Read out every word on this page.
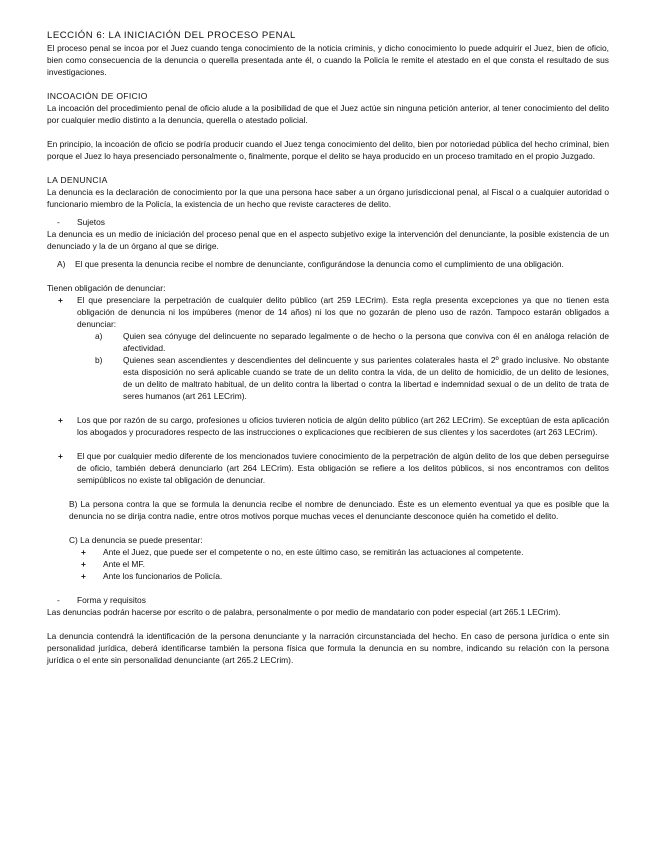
LECCIÓN 6: LA INICIACIÓN DEL PROCESO PENAL

El proceso penal se incoa por el Juez cuando tenga conocimiento de la noticia criminis, y dicho conocimiento lo puede adquirir el Juez, bien de oficio, bien como consecuencia de la denuncia o querella presentada ante él, o cuando la Policía le remite el atestado en el que consta el resultado de sus investigaciones.

INCOACIÓN DE OFICIO

La incoación del procedimiento penal de oficio alude a la posibilidad de que el Juez actúe sin ninguna petición anterior, al tener conocimiento del delito por cualquier medio distinto a la denuncia, querella o atestado policial.

En principio, la incoación de oficio se podría producir cuando el Juez tenga conocimiento del delito, bien por notoriedad pública del hecho criminal, bien porque el Juez lo haya presenciado personalmente o, finalmente, porque el delito se haya producido en un proceso tramitado en el propio Juzgado.

LA DENUNCIA

La denuncia es la declaración de conocimiento por la que una persona hace saber a un órgano jurisdiccional penal, al Fiscal o a cualquier autoridad o funcionario miembro de la Policía, la existencia de un hecho que reviste caracteres de delito.

- Sujetos

La denuncia es un medio de iniciación del proceso penal que en el aspecto subjetivo exige la intervención del denunciante, la posible existencia de un denunciado y la de un órgano al que se dirige.

A) El que presenta la denuncia recibe el nombre de denunciante, configurándose la denuncia como el cumplimiento de una obligación.

Tienen obligación de denunciar:

+ El que presenciare la perpetración de cualquier delito público (art 259 LECrim). Esta regla presenta excepciones ya que no tienen esta obligación de denuncia ni los impúberes (menor de 14 años) ni los que no gozarán de pleno uso de razón. Tampoco estarán obligados a denunciar:

a) Quien sea cónyuge del delincuente no separado legalmente o de hecho o la persona que conviva con él en análoga relación de afectividad.

b) Quienes sean ascendientes y descendientes del delincuente y sus parientes colaterales hasta el 2º grado inclusive. No obstante esta disposición no será aplicable cuando se trate de un delito contra la vida, de un delito de homicidio, de un delito de lesiones, de un delito de maltrato habitual, de un delito contra la libertad o contra la libertad e indemnidad sexual o de un delito de trata de seres humanos (art 261 LECrim).

+ Los que por razón de su cargo, profesiones u oficios tuvieren noticia de algún delito público (art 262 LECrim). Se exceptúan de esta aplicación los abogados y procuradores respecto de las instrucciones o explicaciones que recibieren de sus clientes y los sacerdotes (art 263 LECrim).

+ El que por cualquier medio diferente de los mencionados tuviere conocimiento de la perpetración de algún delito de los que deben perseguirse de oficio, también deberá denunciarlo (art 264 LECrim). Esta obligación se refiere a los delitos públicos, si nos encontramos con delitos semipúblicos no existe tal obligación de denunciar.

B) La persona contra la que se formula la denuncia recibe el nombre de denunciado. Éste es un elemento eventual ya que es posible que la denuncia no se dirija contra nadie, entre otros motivos porque muchas veces el denunciante desconoce quién ha cometido el delito.

C) La denuncia se puede presentar:

+ Ante el Juez, que puede ser el competente o no, en este último caso, se remitirán las actuaciones al competente.

+ Ante el MF.

+ Ante los funcionarios de Policía.

- Forma y requisitos

Las denuncias podrán hacerse por escrito o de palabra, personalmente o por medio de mandatario con poder especial (art 265.1 LECrim).

La denuncia contendrá la identificación de la persona denunciante y la narración circunstanciada del hecho. En caso de persona jurídica o ente sin personalidad jurídica, deberá identificarse también la persona física que formula la denuncia en su nombre, indicando su relación con la persona jurídica o el ente sin personalidad denunciante (art 265.2 LECrim).
